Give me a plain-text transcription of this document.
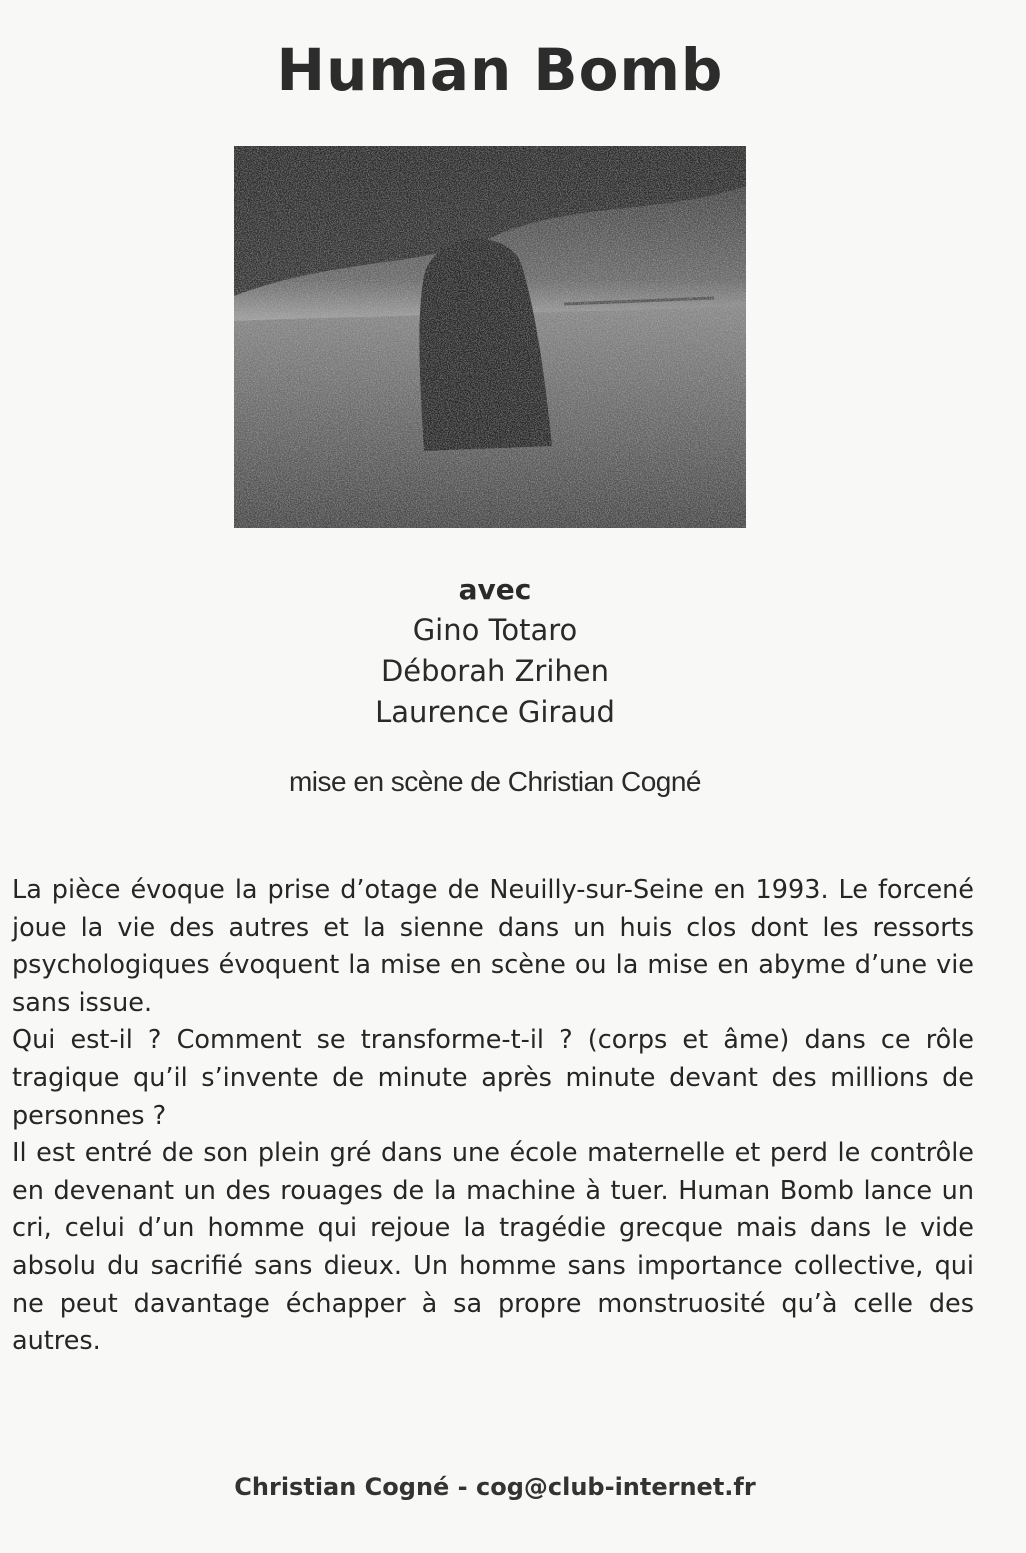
Human Bomb
avec
Gino Totaro
Déborah Zrihen
Laurence Giraud
mise en scène de Christian Cogné

La pièce évoque la prise d’otage de Neuilly-sur-Seine en 1993. Le forcené joue la vie des autres et la sienne dans un huis clos dont les ressorts psychologiques évoquent la mise en scène ou la mise en abyme d’une vie sans issue.

Qui est-il ? Comment se transforme-t-il ? (corps et âme) dans ce rôle tragique qu’il s’invente de minute après minute devant des millions de personnes ?

Il est entré de son plein gré dans une école maternelle et perd le contrôle en devenant un des rouages de la machine à tuer. Human Bomb lance un cri, celui d’un homme qui rejoue la tragédie grecque mais dans le vide absolu du sacrifié sans dieux. Un homme sans importance collective, qui ne peut davantage échapper à sa propre monstruosité qu’à celle des autres.

Christian Cogné - cog@club-internet.fr
